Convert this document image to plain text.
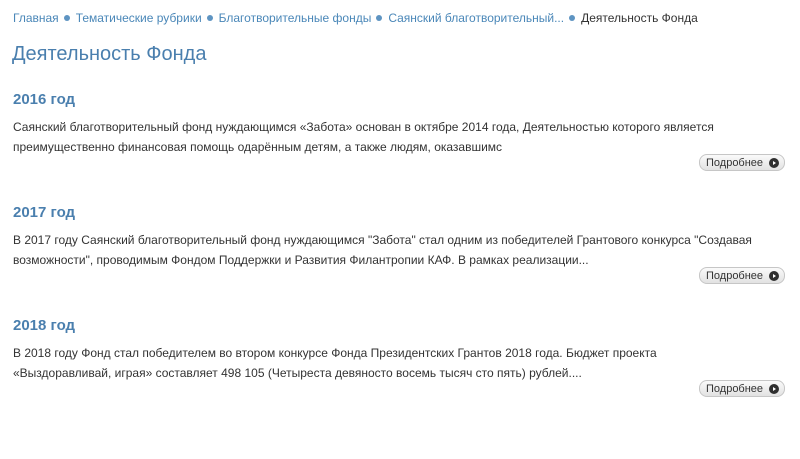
Главная Тематические рубрики Благотворительные фонды Саянский благотворительный... Деятельность Фонда
Деятельность Фонда
2016 год
Саянский благотворительный фонд нуждающимся «Забота» основан в октябре 2014 года, Деятельностью которого является преимущественно финансовая помощь одарённым детям, а также людям, оказавшимс
Подробнее
2017 год
В 2017 году Саянский благотворительный фонд нуждающимся "Забота" стал одним из победителей Грантового конкурса "Создавая возможности", проводимым Фондом Поддержки и Развития Филантропии КАФ. В рамках реализации...
Подробнее
2018 год
В 2018 году Фонд стал победителем во втором конкурсе Фонда Президентских Грантов 2018 года. Бюджет проекта «Выздоравливай, играя» составляет 498 105 (Четыреста девяносто восемь тысяч сто пять) рублей....
Подробнее
